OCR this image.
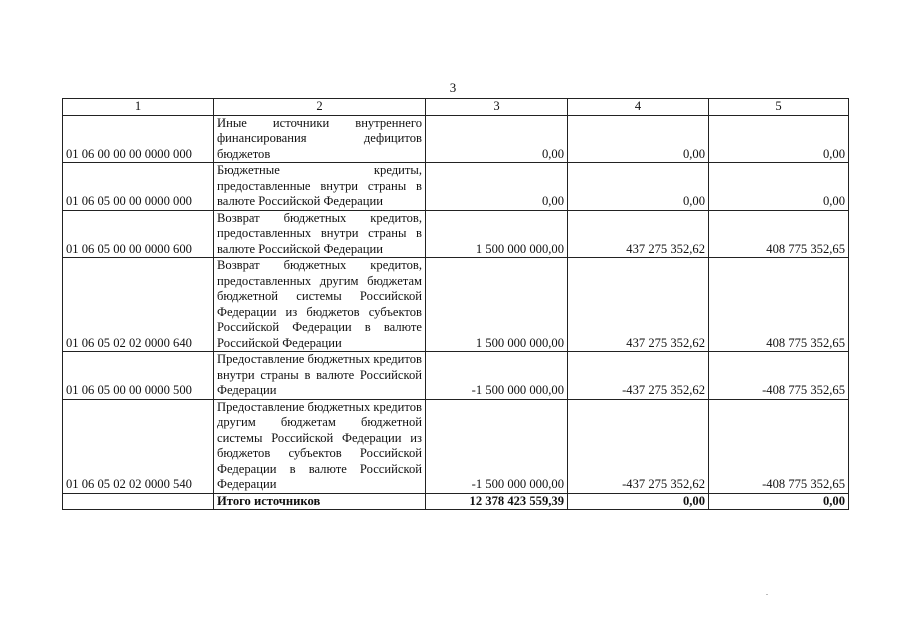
3
1	2	3	4	5
01 06 00 00 00 0000 000	Иные источники внутреннего финансирования дефицитов бюджетов	0,00	0,00	0,00
01 06 05 00 00 0000 000	Бюджетные кредиты, предоставленные внутри страны в валюте Российской Федерации	0,00	0,00	0,00
01 06 05 00 00 0000 600	Возврат бюджетных кредитов, предоставленных внутри страны в валюте Российской Федерации	1 500 000 000,00	437 275 352,62	408 775 352,65
01 06 05 02 02 0000 640	Возврат бюджетных кредитов, предоставленных другим бюджетам бюджетной системы Российской Федерации из бюджетов субъектов Российской Федерации в валюте Российской Федерации	1 500 000 000,00	437 275 352,62	408 775 352,65
01 06 05 00 00 0000 500	Предоставление бюджетных кредитов внутри страны в валюте Российской Федерации	-1 500 000 000,00	-437 275 352,62	-408 775 352,65
01 06 05 02 02 0000 540	Предоставление бюджетных кредитов другим бюджетам бюджетной системы Российской Федерации из бюджетов субъектов Российской Федерации в валюте Российской Федерации	-1 500 000 000,00	-437 275 352,62	-408 775 352,65
	Итого источников	12 378 423 559,39	0,00	0,00
